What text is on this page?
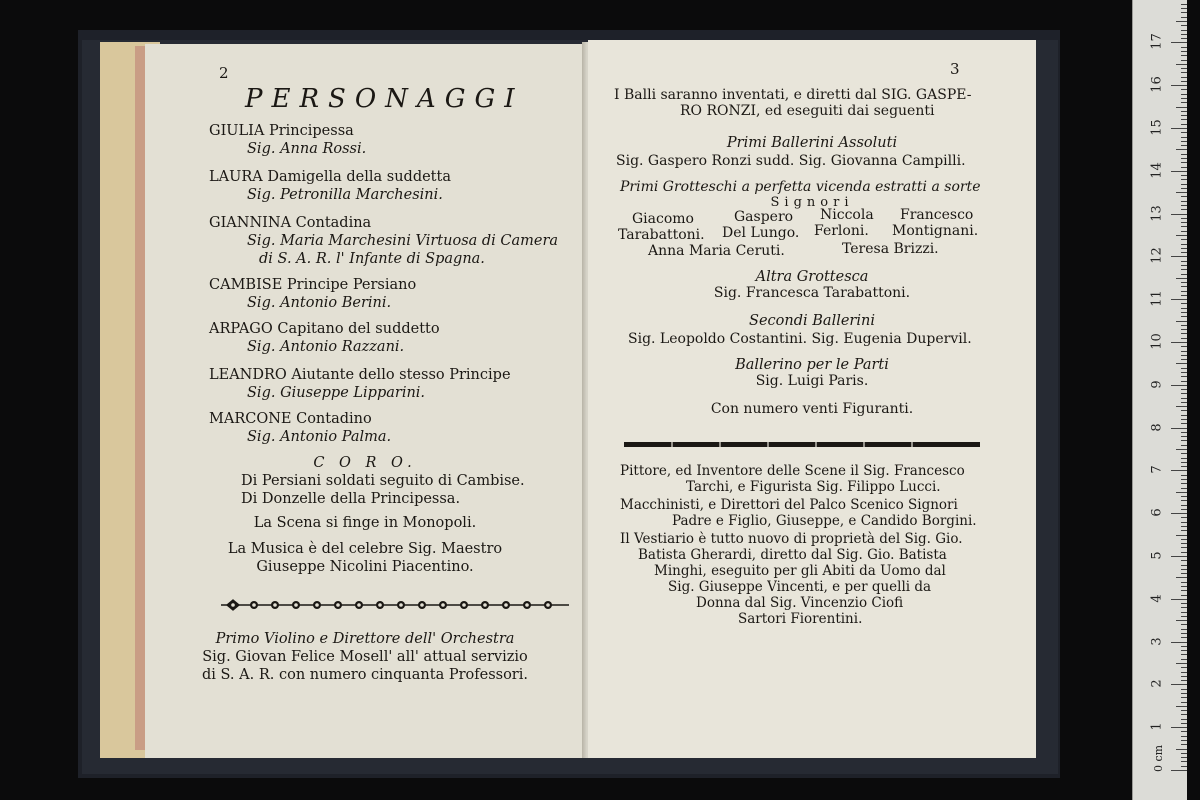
2
PERSONAGGI
GIULIA Principessa
Sig. Anna Rossi.
LAURA Damigella della suddetta
Sig. Petronilla Marchesini.
GIANNINA Contadina
Sig. Maria Marchesini Virtuosa di Camera
di S. A. R. l' Infante di Spagna.
CAMBISE Principe Persiano
Sig. Antonio Berini.
ARPAGO Capitano del suddetto
Sig. Antonio Razzani.
LEANDRO Aiutante dello stesso Principe
Sig. Giuseppe Lipparini.
MARCONE Contadino
Sig. Antonio Palma.
C O R O.
Di Persiani soldati seguito di Cambise.
Di Donzelle della Principessa.
La Scena si finge in Monopoli.
La Musica è del celebre Sig. Maestro
Giuseppe Nicolini Piacentino.
Primo Violino e Direttore dell' Orchestra
Sig. Giovan Felice Mosell' all' attual servizio
di S. A. R. con numero cinquanta Professori.
3
I Balli saranno inventati, e diretti dal SIG. GASPE-
RO RONZI, ed eseguiti dai seguenti
Primi Ballerini Assoluti
Sig. Gaspero Ronzi sudd. Sig. Giovanna Campilli.
Primi Grotteschi a perfetta vicenda estratti a sorte
Signori
Giacomo	Gaspero Niccola Francesco
Tarabattoni. Del Lungo. Ferloni. Montignani.
Anna Maria Ceruti.	Teresa Brizzi.
Altra Grottesca
Sig. Francesca Tarabattoni.
Secondi Ballerini
Sig. Leopoldo Costantini. Sig. Eugenia Dupervil.
Ballerino per le Parti
Sig. Luigi Paris.
Con numero venti Figuranti.
Pittore, ed Inventore delle Scene il Sig. Francesco
Tarchi, e Figurista Sig. Filippo Lucci.
Macchinisti, e Direttori del Palco Scenico Signori
Padre e Figlio, Giuseppe, e Candido Borgini.
Il Vestiario è tutto nuovo di proprietà del Sig. Gio.
Batista Gherardi, diretto dal Sig. Gio. Batista
Minghi, eseguito per gli Abiti da Uomo dal
Sig. Giuseppe Vincenti, e per quelli da
Donna dal Sig. Vincenzio Ciofi
Sartori Fiorentini.
0 cm
1
2
3
4
5
6
7
8
9
10
11
12
13
14
15
16
17
